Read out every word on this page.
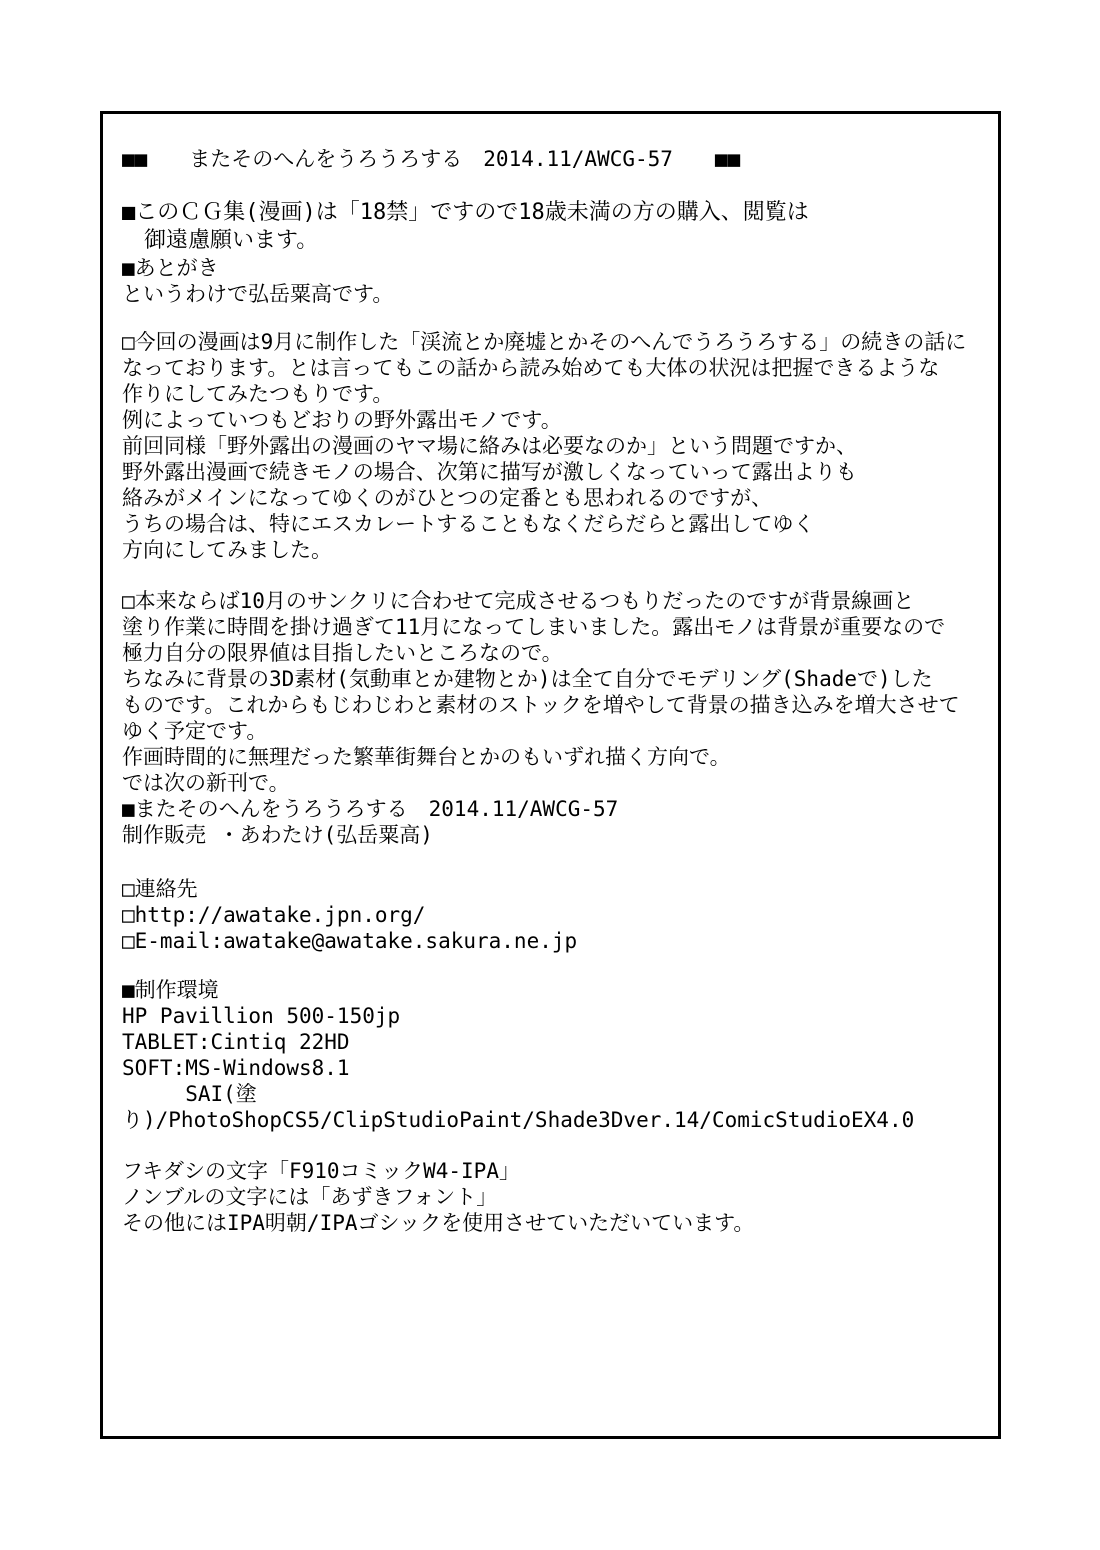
■■　　またそのへんをうろうろする　2014.11/AWCG-57　　■■

■このＣＧ集(漫画)は「18禁」ですので18歳未満の方の購入、閲覧は

　御遠慮願います。

■あとがき

というわけで弘岳粟高です。

□今回の漫画は9月に制作した「渓流とか廃墟とかそのへんでうろうろする」の続きの話に

なっております。とは言ってもこの話から読み始めても大体の状況は把握できるような

作りにしてみたつもりです。

例によっていつもどおりの野外露出モノです。

前回同様「野外露出の漫画のヤマ場に絡みは必要なのか」という問題ですか、

野外露出漫画で続きモノの場合、次第に描写が激しくなっていって露出よりも

絡みがメインになってゆくのがひとつの定番とも思われるのですが、

うちの場合は、特にエスカレートすることもなくだらだらと露出してゆく

方向にしてみました。

□本来ならば10月のサンクリに合わせて完成させるつもりだったのですが背景線画と

塗り作業に時間を掛け過ぎて11月になってしまいました。露出モノは背景が重要なので

極力自分の限界値は目指したいところなので。

ちなみに背景の3D素材(気動車とか建物とか)は全て自分でモデリング(Shadeで)した

ものです。これからもじわじわと素材のストックを増やして背景の描き込みを増大させて

ゆく予定です。

作画時間的に無理だった繁華街舞台とかのもいずれ描く方向で。

では次の新刊で。

■またそのへんをうろうろする　2014.11/AWCG-57

制作販売 ・あわたけ(弘岳粟高)

□連絡先

□http://awatake.jpn.org/

□E-mail:awatake@awatake.sakura.ne.jp

■制作環境

HP Pavillion 500-150jp

TABLET:Cintiq 22HD

SOFT:MS-Windows8.1

SAI(塗り)/PhotoShopCS5/ClipStudioPaint/Shade3Dver.14/ComicStudioEX4.0

フキダシの文字「F910コミックW4-IPA」

ノンブルの文字には「あずきフォント」

その他にはIPA明朝/IPAゴシックを使用させていただいています。
